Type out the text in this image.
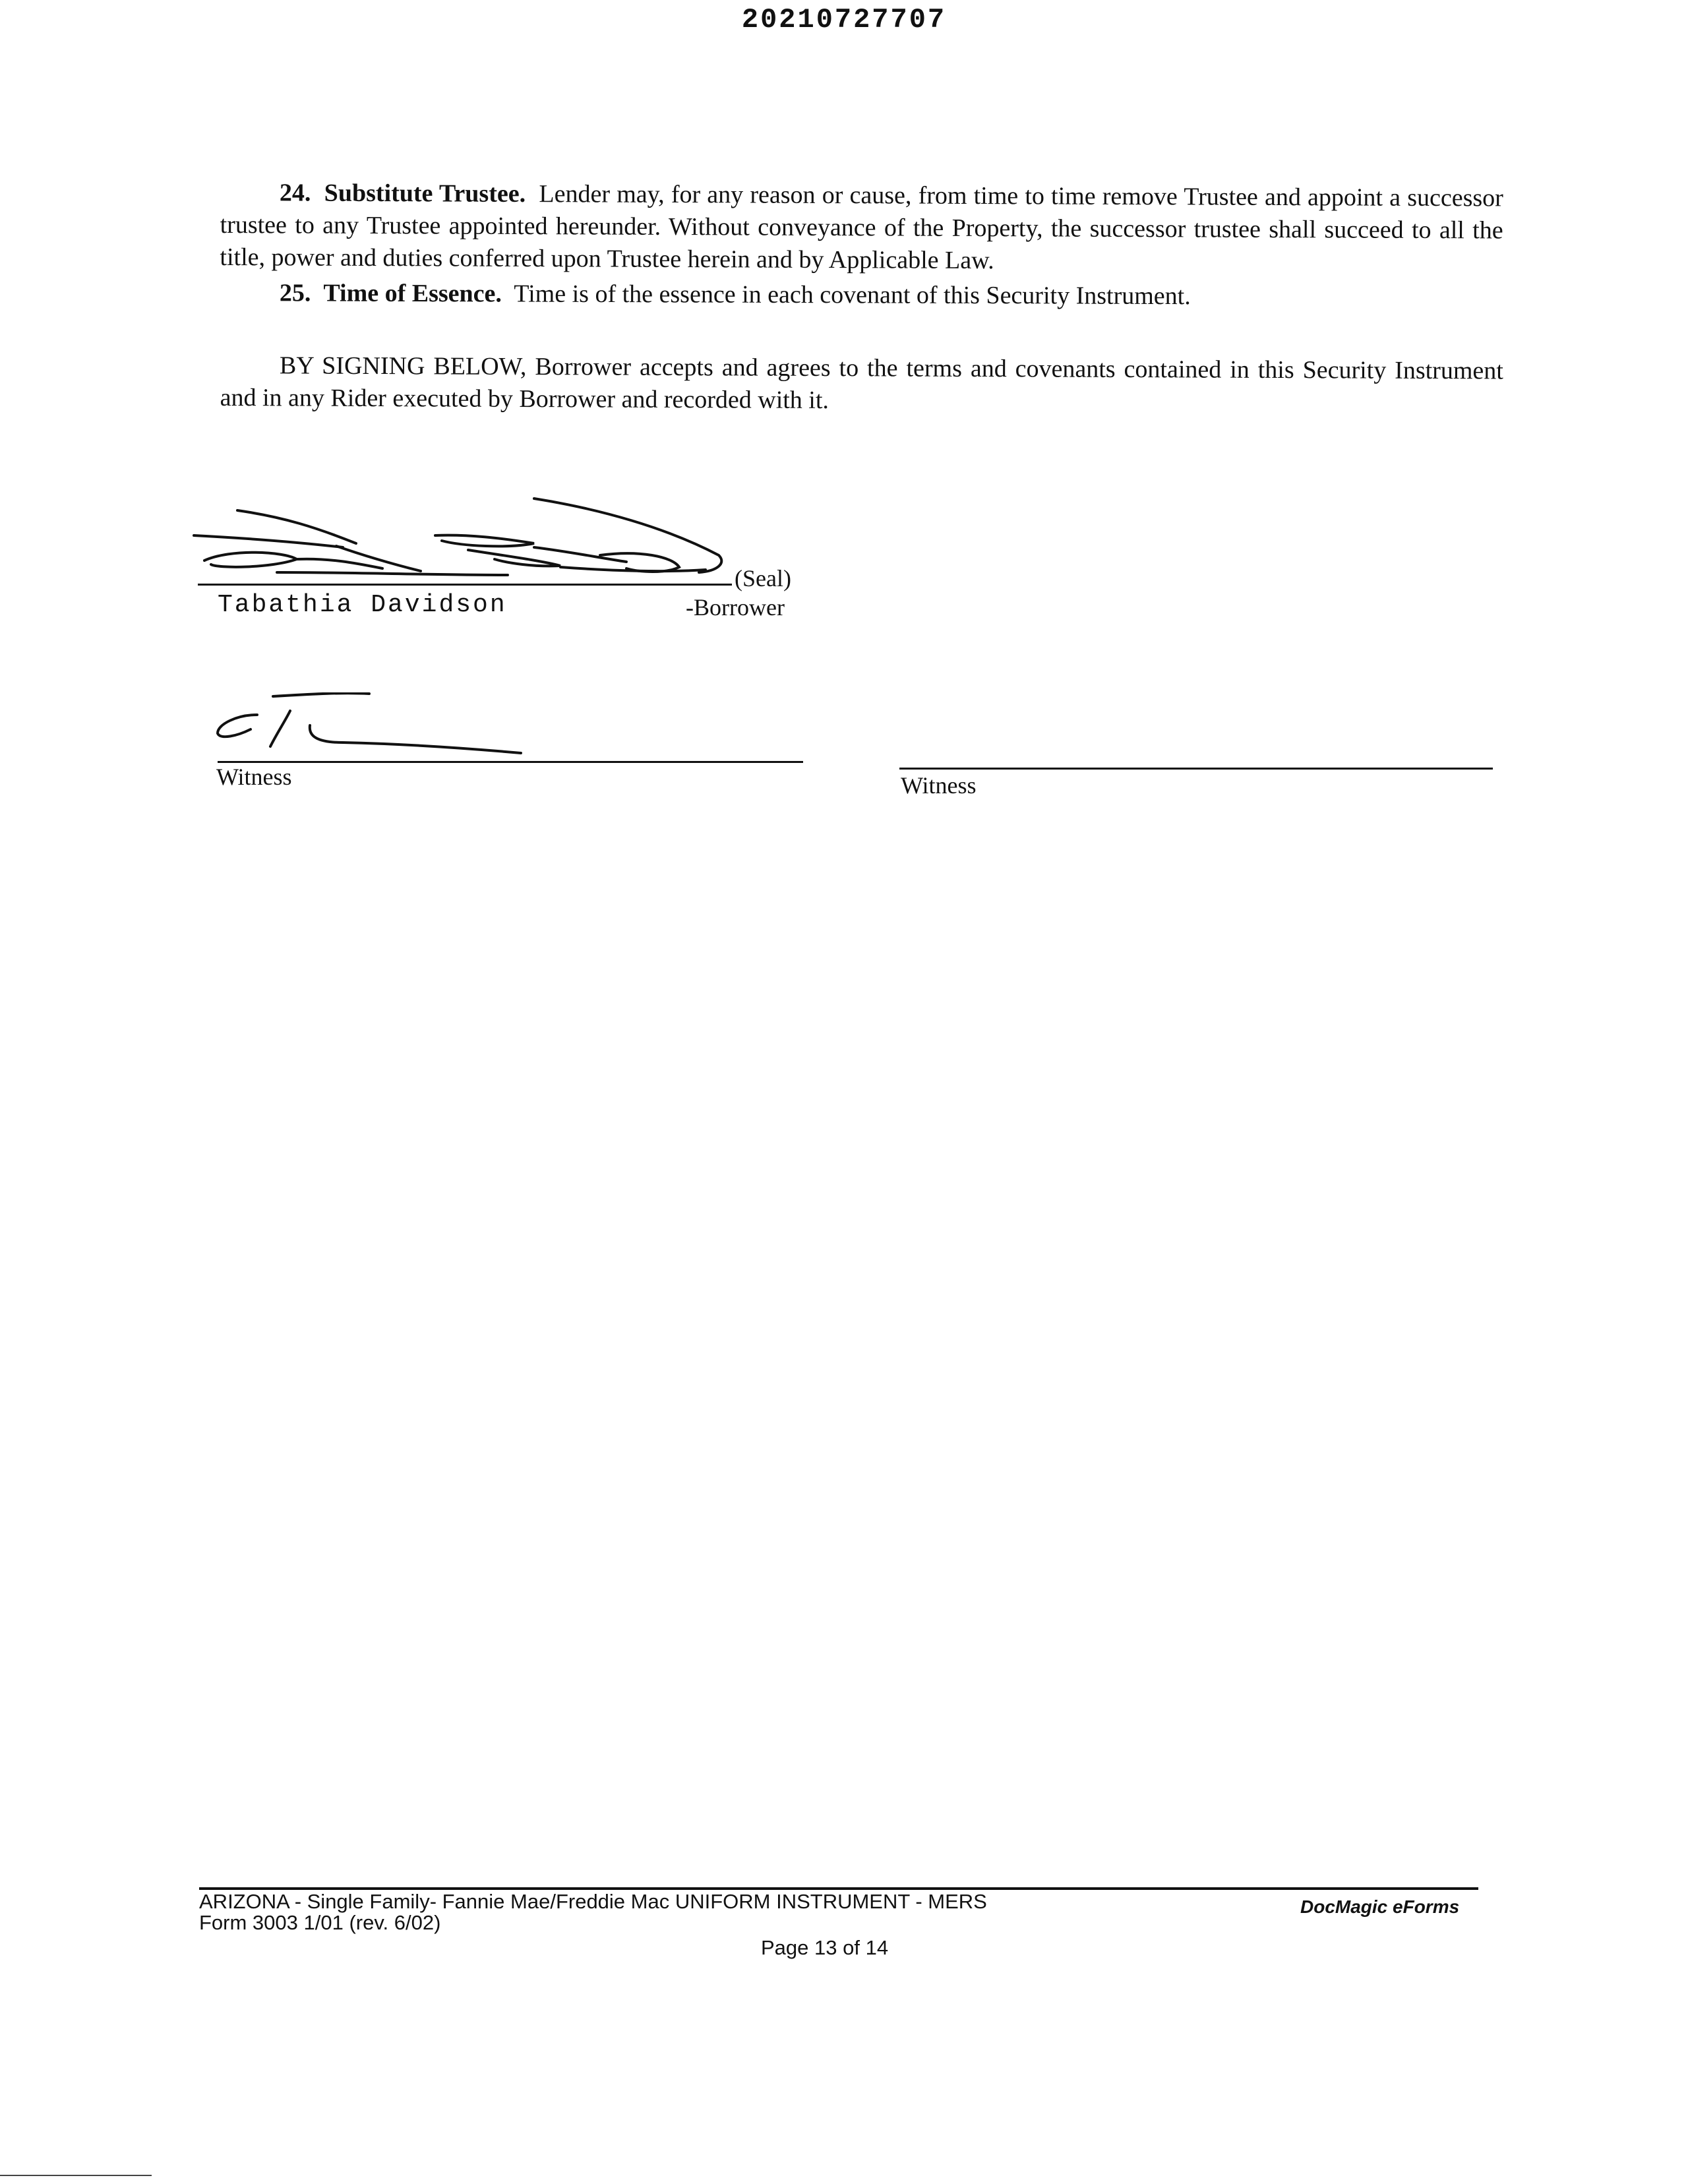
20210727707
24. Substitute Trustee. Lender may, for any reason or cause, from time to time remove Trustee and appoint a successor trustee to any Trustee appointed hereunder. Without conveyance of the Property, the successor trustee shall succeed to all the title, power and duties conferred upon Trustee herein and by Applicable Law.
25. Time of Essence. Time is of the essence in each covenant of this Security Instrument.
BY SIGNING BELOW, Borrower accepts and agrees to the terms and covenants contained in this Security Instrument and in any Rider executed by Borrower and recorded with it.
(Seal)
Tabathia Davidson	-Borrower
Witness	Witness
ARIZONA - Single Family- Fannie Mae/Freddie Mac UNIFORM INSTRUMENT - MERS
Form 3003 1/01 (rev. 6/02)
DocMagic eForms
Page 13 of 14
